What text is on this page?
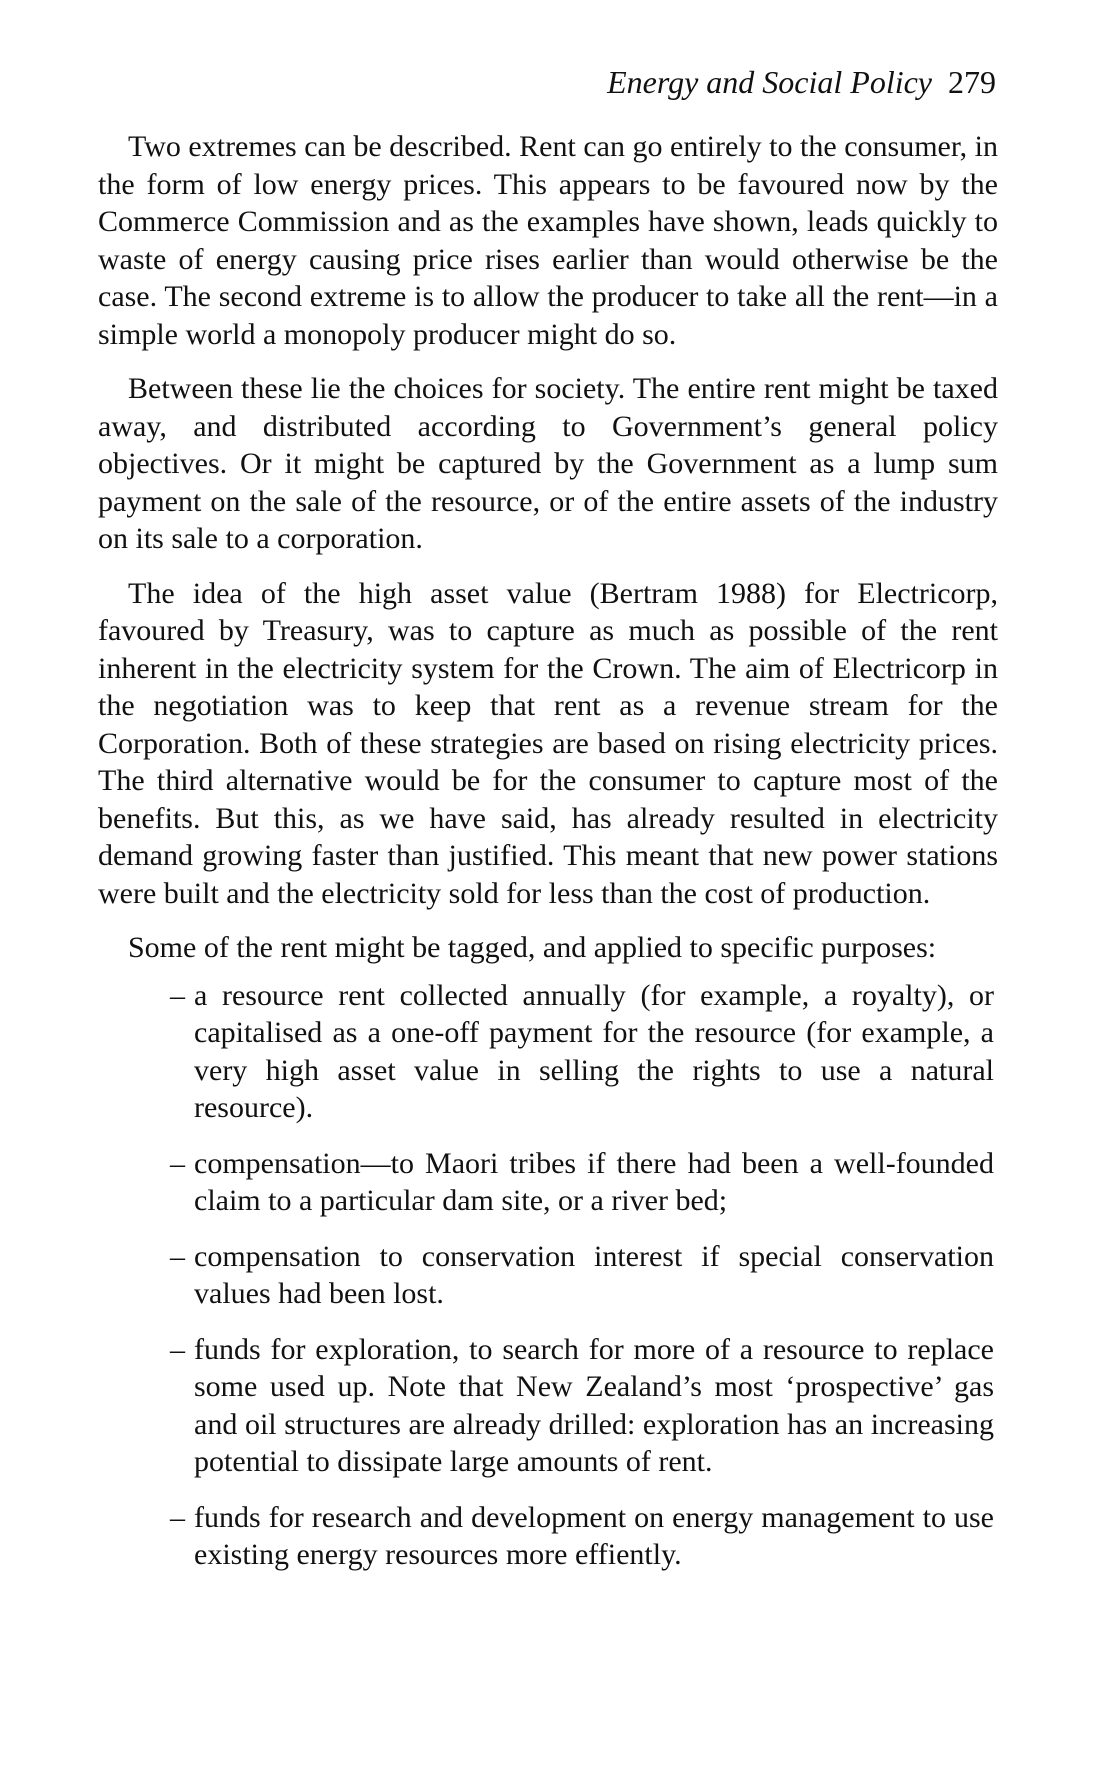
Energy and Social Policy 279

Two extremes can be described. Rent can go entirely to the consumer, in the form of low energy prices. This appears to be favoured now by the Commerce Commission and as the examples have shown, leads quickly to waste of energy causing price rises earlier than would otherwise be the case. The second extreme is to allow the producer to take all the rent—in a simple world a monopoly producer might do so.

Between these lie the choices for society. The entire rent might be taxed away, and distributed according to Government’s general policy objectives. Or it might be captured by the Government as a lump sum payment on the sale of the resource, or of the entire assets of the industry on its sale to a corporation.

The idea of the high asset value (Bertram 1988) for Electricorp, favoured by Treasury, was to capture as much as possible of the rent inherent in the electricity system for the Crown. The aim of Electricorp in the negotiation was to keep that rent as a revenue stream for the Corporation. Both of these strategies are based on rising electricity prices. The third alternative would be for the consumer to capture most of the benefits. But this, as we have said, has already resulted in electricity demand growing faster than justified. This meant that new power stations were built and the electricity sold for less than the cost of production.

Some of the rent might be tagged, and applied to specific purposes:

– a resource rent collected annually (for example, a royalty), or capitalised as a one-off payment for the resource (for example, a very high asset value in selling the rights to use a natural resource).
– compensation—to Maori tribes if there had been a well-founded claim to a particular dam site, or a river bed;
– compensation to conservation interest if special conservation values had been lost.
– funds for exploration, to search for more of a resource to replace some used up. Note that New Zealand’s most ‘prospective’ gas and oil structures are already drilled: exploration has an increasing potential to dissipate large amounts of rent.
– funds for research and development on energy management to use existing energy resources more effiently.
